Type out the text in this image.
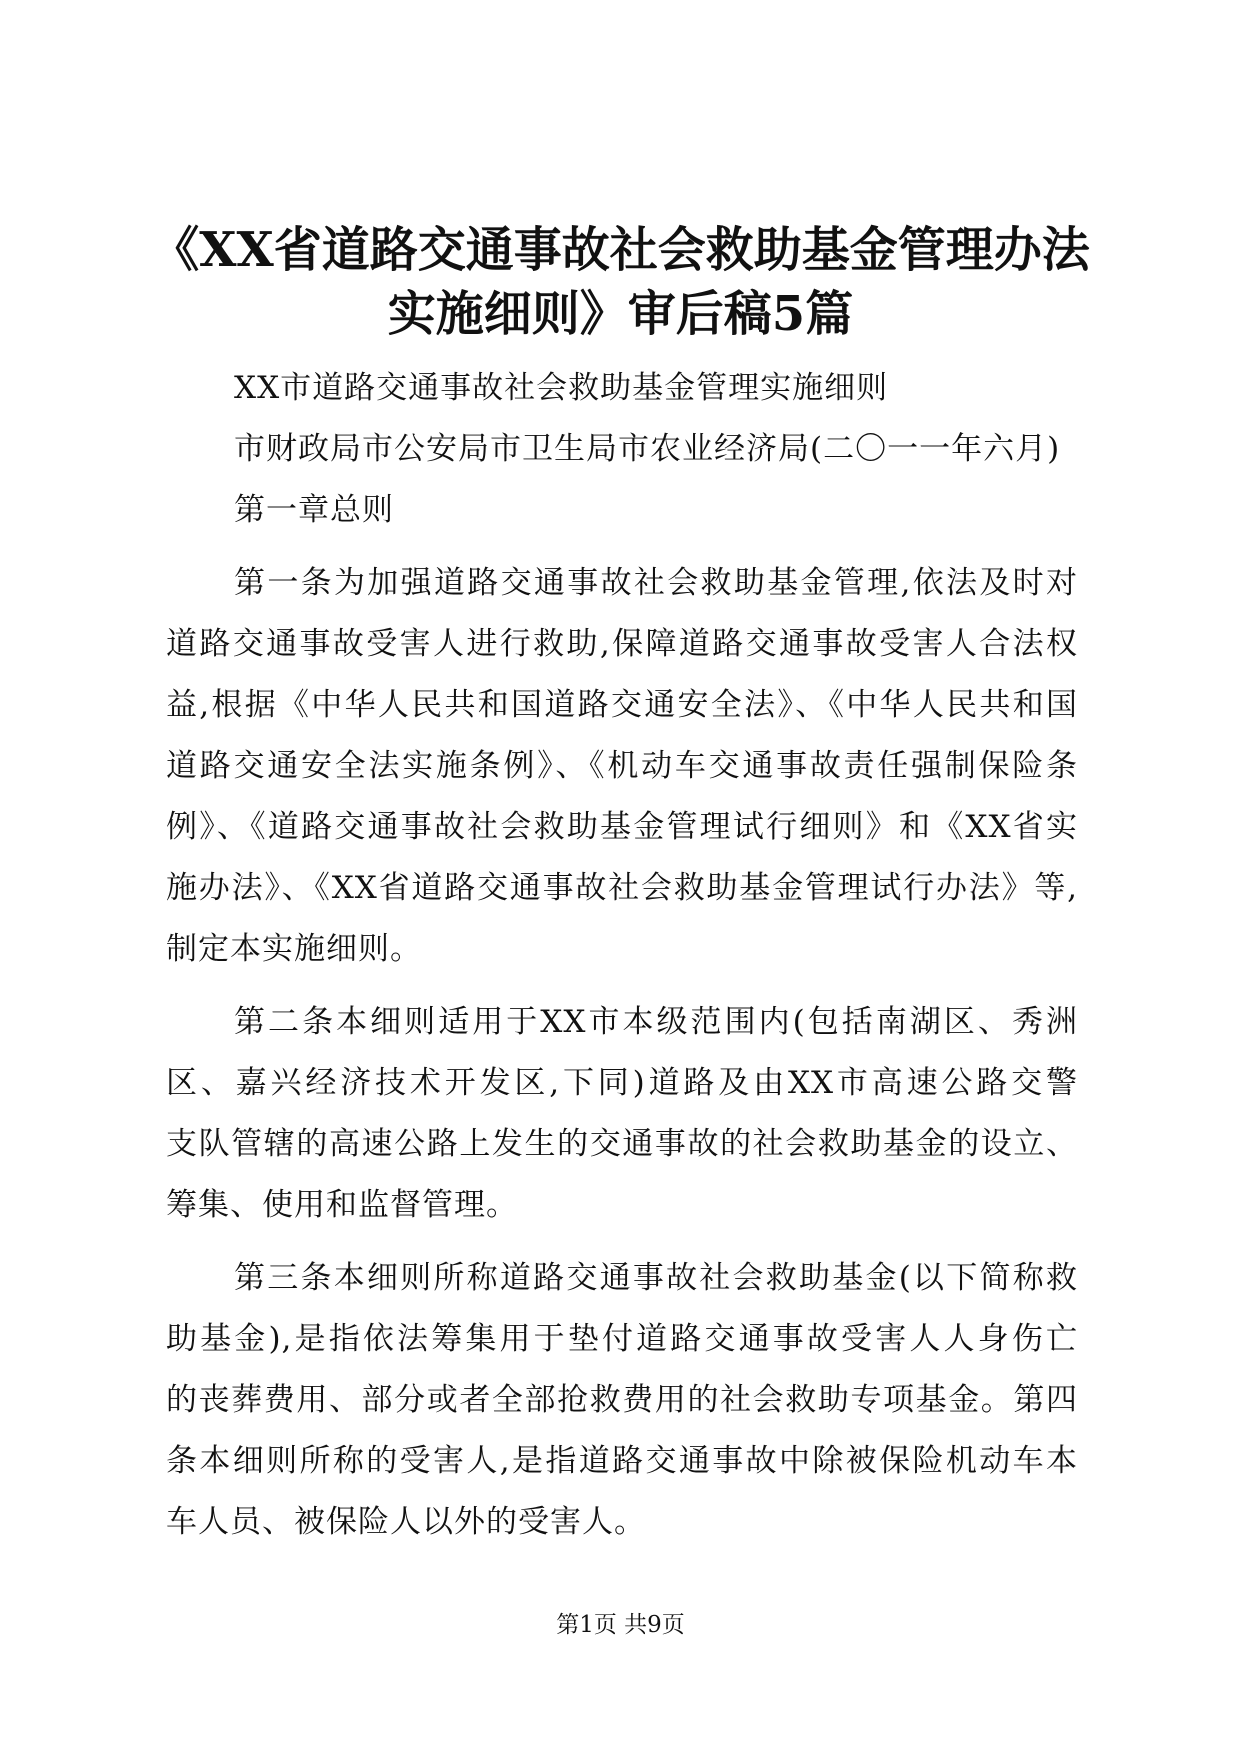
《XX省道路交通事故社会救助基金管理办法
实施细则》审后稿5篇
XX市道路交通事故社会救助基金管理实施细则
市财政局市公安局市卫生局市农业经济局(二〇一一年六月)
第一章总则
第一条为加强道路交通事故社会救助基金管理,依法及时对
道路交通事故受害人进行救助,保障道路交通事故受害人合法权
益,根据《中华人民共和国道路交通安全法》、《中华人民共和国
道路交通安全法实施条例》、《机动车交通事故责任强制保险条
例》、《道路交通事故社会救助基金管理试行细则》和《XX省实
施办法》、《XX省道路交通事故社会救助基金管理试行办法》等,
制定本实施细则。
第二条本细则适用于XX市本级范围内(包括南湖区、秀洲
区、嘉兴经济技术开发区,下同)道路及由XX市高速公路交警
支队管辖的高速公路上发生的交通事故的社会救助基金的设立、
筹集、使用和监督管理。
第三条本细则所称道路交通事故社会救助基金(以下简称救
助基金),是指依法筹集用于垫付道路交通事故受害人人身伤亡
的丧葬费用、部分或者全部抢救费用的社会救助专项基金。第四
条本细则所称的受害人,是指道路交通事故中除被保险机动车本
车人员、被保险人以外的受害人。
第1页 共9页
